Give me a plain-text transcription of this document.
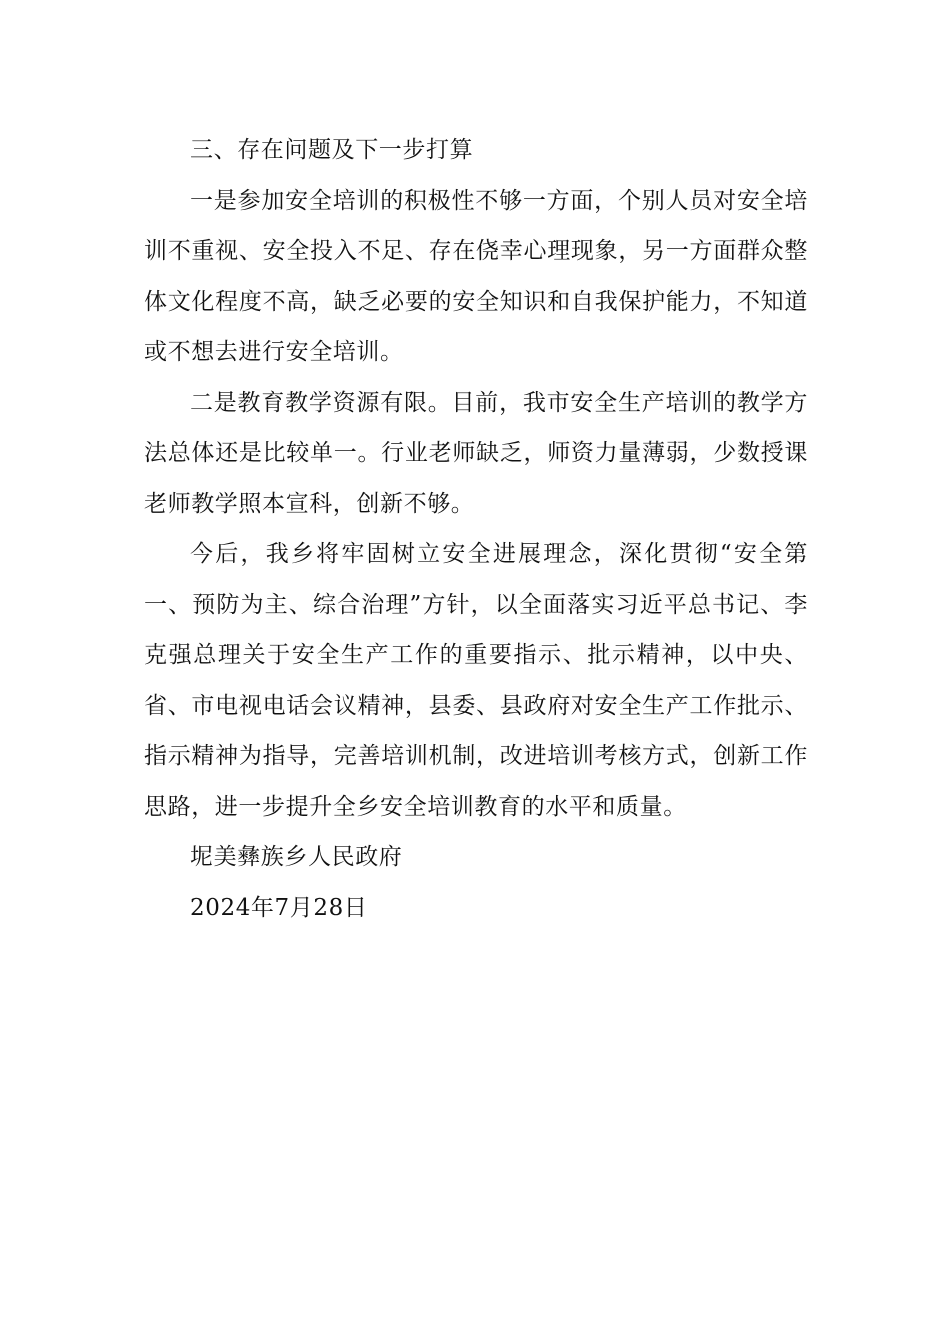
三、存在问题及下一步打算

一是参加安全培训的积极性不够一方面，个别人员对安全培训不重视、安全投入不足、存在侥幸心理现象，另一方面群众整体文化程度不高，缺乏必要的安全知识和自我保护能力，不知道或不想去进行安全培训。

二是教育教学资源有限。目前，我市安全生产培训的教学方法总体还是比较单一。行业老师缺乏，师资力量薄弱，少数授课老师教学照本宣科，创新不够。

今后，我乡将牢固树立安全进展理念，深化贯彻“安全第一、预防为主、综合治理”方针，以全面落实习近平总书记、李克强总理关于安全生产工作的重要指示、批示精神，以中央、省、市电视电话会议精神，县委、县政府对安全生产工作批示、指示精神为指导，完善培训机制，改进培训考核方式，创新工作思路，进一步提升全乡安全培训教育的水平和质量。

坭美彝族乡人民政府

2024年7月28日
